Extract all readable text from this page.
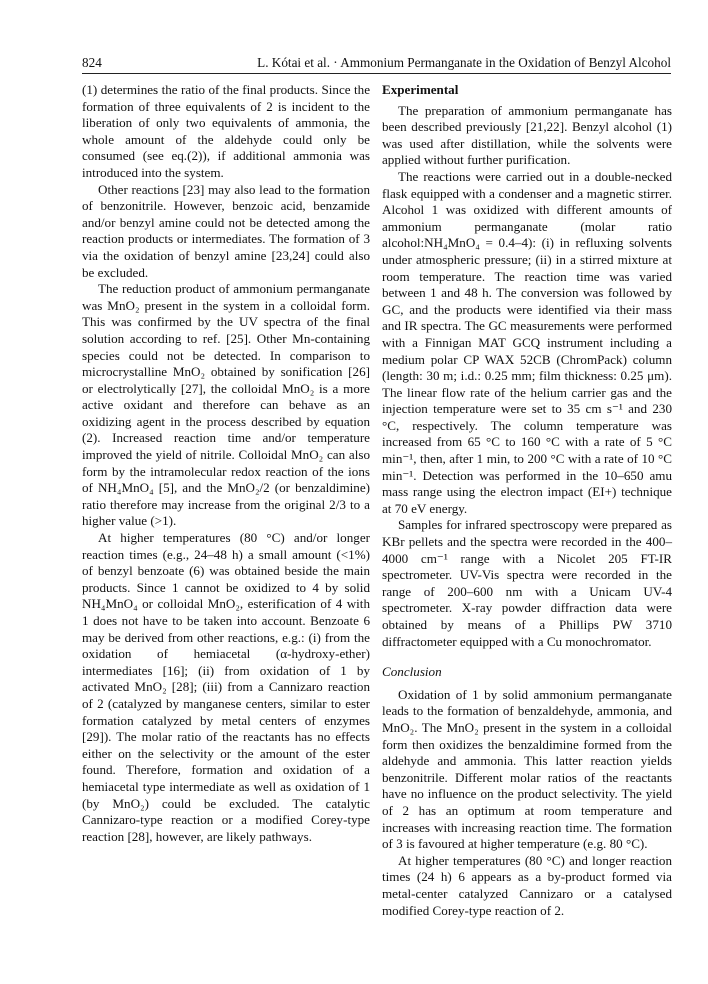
824	L. Kótai et al. · Ammonium Permanganate in the Oxidation of Benzyl Alcohol

(1) determines the ratio of the final products. Since the formation of three equivalents of 2 is incident to the liberation of only two equivalents of ammonia, the whole amount of the aldehyde could only be consumed (see eq.(2)), if additional ammonia was introduced into the system.

Other reactions [23] may also lead to the formation of benzonitrile. However, benzoic acid, benzamide and/or benzyl amine could not be detected among the reaction products or intermediates. The formation of 3 via the oxidation of benzyl amine [23,24] could also be excluded.

The reduction product of ammonium permanganate was MnO₂ present in the system in a colloidal form. This was confirmed by the UV spectra of the final solution according to ref. [25]. Other Mn-containing species could not be detected. In comparison to microcrystalline MnO₂ obtained by sonification [26] or electrolytically [27], the colloidal MnO₂ is a more active oxidant and therefore can behave as an oxidizing agent in the process described by equation (2). Increased reaction time and/or temperature improved the yield of nitrile. Colloidal MnO₂ can also form by the intramolecular redox reaction of the ions of NH₄MnO₄ [5], and the MnO₂/2 (or benzaldimine) ratio therefore may increase from the original 2/3 to a higher value (>1).

At higher temperatures (80 °C) and/or longer reaction times (e.g., 24–48 h) a small amount (<1%) of benzyl benzoate (6) was obtained beside the main products. Since 1 cannot be oxidized to 4 by solid NH₄MnO₄ or colloidal MnO₂, esterification of 4 with 1 does not have to be taken into account. Benzoate 6 may be derived from other reactions, e.g.: (i) from the oxidation of hemiacetal (α-hydroxy-ether) intermediates [16]; (ii) from oxidation of 1 by activated MnO₂ [28]; (iii) from a Cannizaro reaction of 2 (catalyzed by manganese centers, similar to ester formation catalyzed by metal centers of enzymes [29]). The molar ratio of the reactants has no effects either on the selectivity or the amount of the ester found. Therefore, formation and oxidation of a hemiacetal type intermediate as well as oxidation of 1 (by MnO₂) could be excluded. The catalytic Cannizaro-type reaction or a modified Corey-type reaction [28], however, are likely pathways.

Experimental

The preparation of ammonium permanganate has been described previously [21,22]. Benzyl alcohol (1) was used after distillation, while the solvents were applied without further purification.

The reactions were carried out in a double-necked flask equipped with a condenser and a magnetic stirrer. Alcohol 1 was oxidized with different amounts of ammonium permanganate (molar ratio alcohol:NH₄MnO₄ = 0.4–4): (i) in refluxing solvents under atmospheric pressure; (ii) in a stirred mixture at room temperature. The reaction time was varied between 1 and 48 h. The conversion was followed by GC, and the products were identified via their mass and IR spectra. The GC measurements were performed with a Finnigan MAT GCQ instrument including a medium polar CP WAX 52CB (ChromPack) column (length: 30 m; i.d.: 0.25 mm; film thickness: 0.25 μm). The linear flow rate of the helium carrier gas and the injection temperature were set to 35 cm s⁻¹ and 230 °C, respectively. The column temperature was increased from 65 °C to 160 °C with a rate of 5 °C min⁻¹, then, after 1 min, to 200 °C with a rate of 10 °C min⁻¹. Detection was performed in the 10–650 amu mass range using the electron impact (EI+) technique at 70 eV energy.

Samples for infrared spectroscopy were prepared as KBr pellets and the spectra were recorded in the 400–4000 cm⁻¹ range with a Nicolet 205 FT-IR spectrometer. UV-Vis spectra were recorded in the range of 200–600 nm with a Unicam UV-4 spectrometer. X-ray powder diffraction data were obtained by means of a Phillips PW 3710 diffractometer equipped with a Cu monochromator.

Conclusion

Oxidation of 1 by solid ammonium permanganate leads to the formation of benzaldehyde, ammonia, and MnO₂. The MnO₂ present in the system in a colloidal form then oxidizes the benzaldimine formed from the aldehyde and ammonia. This latter reaction yields benzonitrile. Different molar ratios of the reactants have no influence on the product selectivity. The yield of 2 has an optimum at room temperature and increases with increasing reaction time. The formation of 3 is favoured at higher temperature (e.g. 80 °C).

At higher temperatures (80 °C) and longer reaction times (24 h) 6 appears as a by-product formed via metal-center catalyzed Cannizaro or a catalysed modified Corey-type reaction of 2.
